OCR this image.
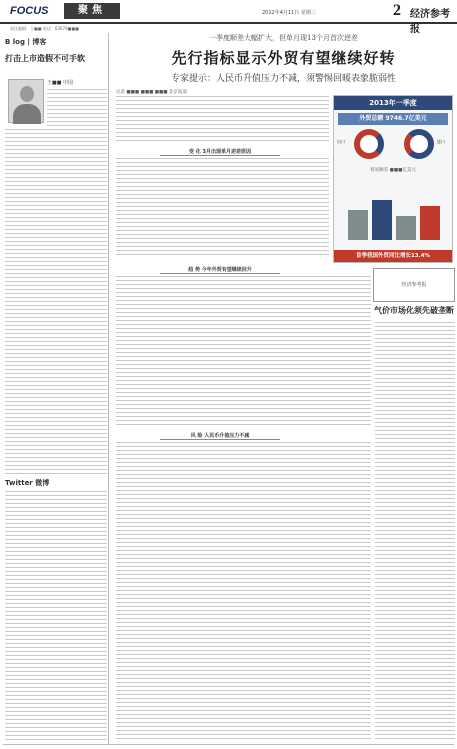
FOCUS	聚焦	2012年4月11日 星期三	2 经济参考报
责任编辑：王■■ 电话：63070■■■
B log | 博客
打击上市造假不可手软
王■■ 中国
Twitter 微博
一季度顺差大幅扩大，但单月现13个月首次逆差
先行指标显示外贸有望继续好转
专家提示：人民币升值压力不减，须警惕回暖表象脆弱性
记者 ■■■ ■■■ ■■■ 北京报道
变 化 3月出现单月逆差原因
趋 势 今年外贸有望继续回升
风 险 人民币升值压力不减
2013年一季度
外贸总额 9746.7亿美元
出口	进口
贸易顺差 ■■■亿美元
首季我国外贸同比增长13.4%
经济参考报
气价市场化须先破垄断
